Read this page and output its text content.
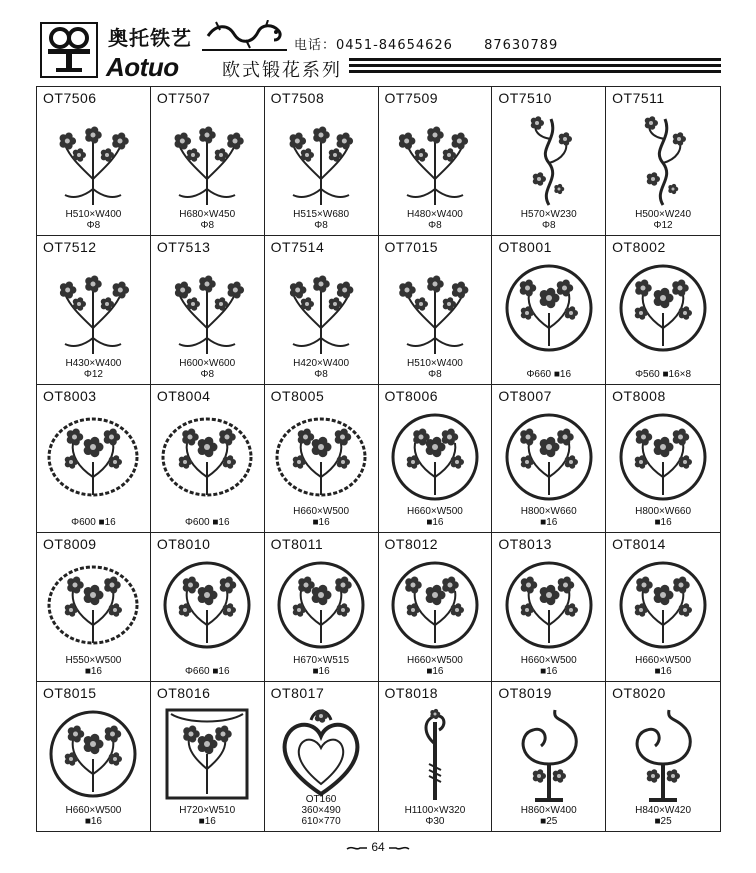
奥托铁艺	电话：0451-84654626 87630789
Aotuo 欧式锻花系列
OT7506
H510×W400
Φ8
OT7507
H680×W450
Φ8
OT7508
H515×W680
Φ8
OT7509
H480×W400
Φ8
OT7510
H570×W230
Φ8
OT7511
H500×W240
Φ12
OT7512
H430×W400
Φ12
OT7513
H600×W600
Φ8
OT7514
H420×W400
Φ8
OT7015
H510×W400
Φ8
OT8001
Φ660 ■16
OT8002
Φ560 ■16×8
OT8003
Φ600 ■16
OT8004
Φ600 ■16
OT8005
H660×W500
■16
OT8006
H660×W500
■16
OT8007
H800×W660
■16
OT8008
H800×W660
■16
OT8009
H550×W500
■16
OT8010
Φ660 ■16
OT8011
H670×W515
■16
OT8012
H660×W500
■16
OT8013
H660×W500
■16
OT8014
H660×W500
■16
OT8015
H660×W500
■16
OT8016
H720×W510
■16
OT8017
OT160
360×490
610×770
OT8018
H1100×W320
Φ30
OT8019
H860×W400
■25
OT8020
H840×W420
■25
64
